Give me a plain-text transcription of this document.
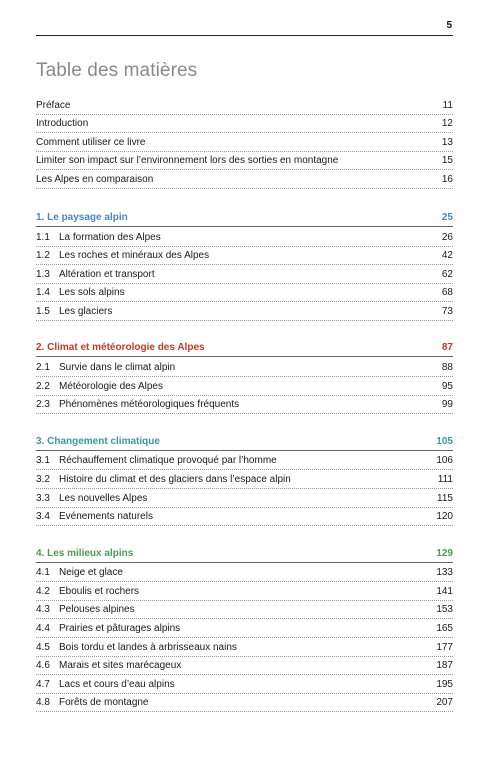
5
Table des matières
Préface	11
Introduction	12
Comment utiliser ce livre	13
Limiter son impact sur l’environnement lors des sorties en montagne	15
Les Alpes en comparaison	16
1. Le paysage alpin	25
1.1 La formation des Alpes	26
1.2 Les roches et minéraux des Alpes	42
1.3 Altération et transport	62
1.4 Les sols alpins	68
1.5 Les glaciers	73
2. Climat et météorologie des Alpes	87
2.1 Survie dans le climat alpin	88
2.2 Météorologie des Alpes	95
2.3 Phénomènes météorologiques fréquents	99
3. Changement climatique	105
3.1 Réchauffement climatique provoqué par l’homme	106
3.2 Histoire du climat et des glaciers dans l’espace alpin	111
3.3 Les nouvelles Alpes	115
3.4 Evénements naturels	120
4. Les milieux alpins	129
4.1 Neige et glace	133
4.2 Eboulis et rochers	141
4.3 Pelouses alpines	153
4.4 Prairies et pâturages alpins	165
4.5 Bois tordu et landes à arbrisseaux nains	177
4.6 Marais et sites marécageux	187
4.7 Lacs et cours d’eau alpins	195
4.8 Forêts de montagne	207
